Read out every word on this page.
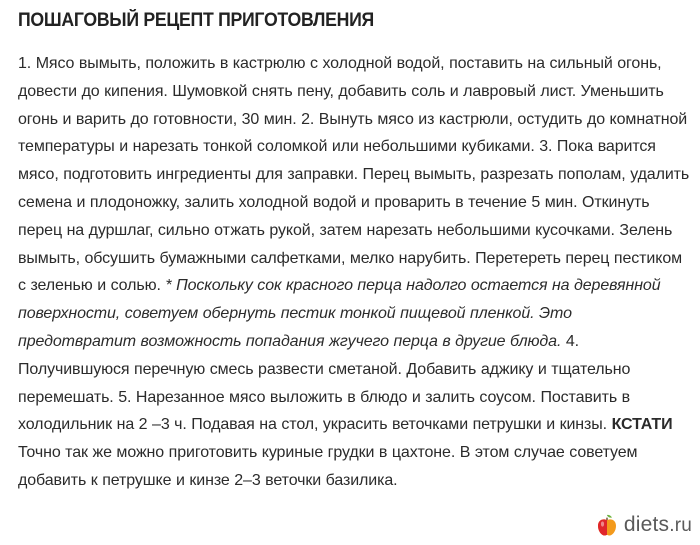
ПОШАГОВЫЙ РЕЦЕПТ ПРИГОТОВЛЕНИЯ

1. Мясо вымыть, положить в кастрюлю с холодной водой, поставить на сильный огонь, довести до кипения. Шумовкой снять пену, добавить соль и лавровый лист. Уменьшить огонь и варить до готовности, 30 мин. 2. Вынуть мясо из кастрюли, остудить до комнатной температуры и нарезать тонкой соломкой или небольшими кубиками. 3. Пока варится мясо, подготовить ингредиенты для заправки. Перец вымыть, разрезать пополам, удалить семена и плодоножку, залить холодной водой и проварить в течение 5 мин. Откинуть перец на дуршлаг, сильно отжать рукой, затем нарезать небольшими кусочками. Зелень вымыть, обсушить бумажными салфетками, мелко нарубить. Перетереть перец пестиком с зеленью и солью. * Поскольку сок красного перца надолго остается на деревянной поверхности, советуем обернуть пестик тонкой пищевой пленкой. Это предотвратит возможность попадания жгучего перца в другие блюда. 4. Получившуюся перечную смесь развести сметаной. Добавить аджику и тщательно перемешать. 5. Нарезанное мясо выложить в блюдо и залить соусом. Поставить в холодильник на 2 –3 ч. Подавая на стол, украсить веточками петрушки и кинзы. КСТАТИ Точно так же можно приготовить куриные грудки в цахтоне. В этом случае советуем добавить к петрушке и кинзе 2–3 веточки базилика.

diets.ru
